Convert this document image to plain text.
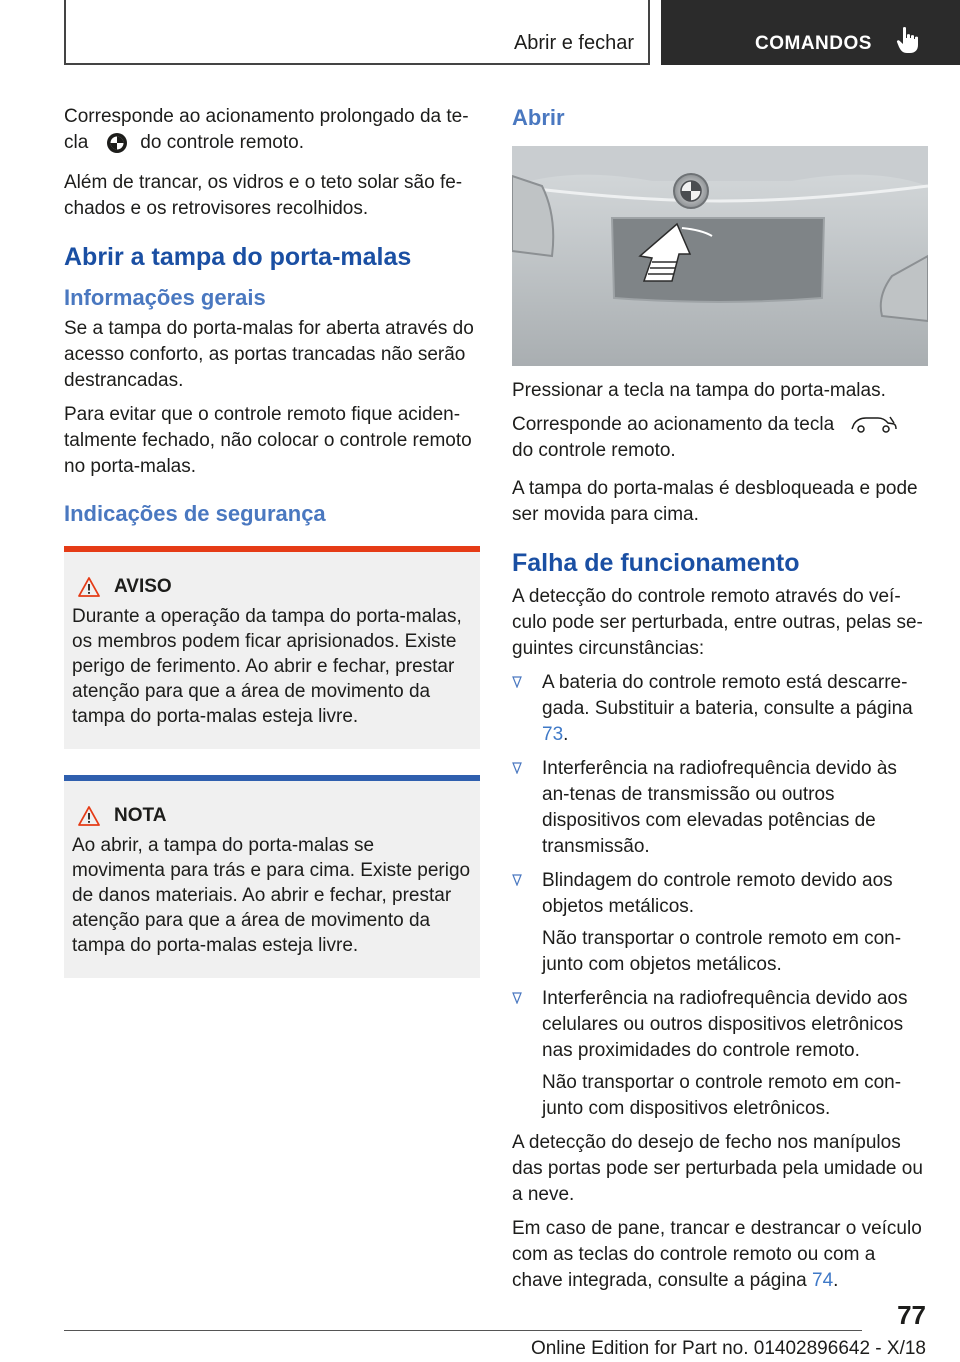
Abrir e fechar	COMANDOS

Corresponde ao acionamento prolongado da te-
cla	do controle remoto.

Além de trancar, os vidros e o teto solar são fe-chados e os retrovisores recolhidos.

Abrir a tampa do porta-malas
Informações gerais

Se a tampa do porta-malas for aberta através do acesso conforto, as portas trancadas não serão destrancadas.

Para evitar que o controle remoto fique aciden-talmente fechado, não colocar o controle remoto no porta-malas.

Indicações de segurança
AVISO
Durante a operação da tampa do porta-malas, os membros podem ficar aprisionados. Existe perigo de ferimento. Ao abrir e fechar, prestar atenção para que a área de movimento da tampa do porta-malas esteja livre.
NOTA
Ao abrir, a tampa do porta-malas se movimenta para trás e para cima. Existe perigo de danos materiais. Ao abrir e fechar, prestar atenção para que a área de movimento da tampa do porta-malas esteja livre.
Abrir

Pressionar a tecla na tampa do porta-malas.

Corresponde ao acionamento da teclado controle remoto.

A tampa do porta-malas é desbloqueada e pode ser movida para cima.

Falha de funcionamento

A detecção do controle remoto através do veí-culo pode ser perturbada, entre outras, pelas se-guintes circunstâncias:

A bateria do controle remoto está descarre-gada. Substituir a bateria, consulte a página
73.
Interferência na radiofrequência devido às an-tenas de transmissão ou outros dispositivos com elevadas potências de transmissão.
Blindagem do controle remoto devido aos objetos metálicos.
Não transportar o controle remoto em con-junto com objetos metálicos.
Interferência na radiofrequência devido aos celulares ou outros dispositivos eletrônicos nas proximidades do controle remoto.
Não transportar o controle remoto em con-junto com dispositivos eletrônicos.

A detecção do desejo de fecho nos manípulos das portas pode ser perturbada pela umidade ou a neve.

Em caso de pane, trancar e destrancar o veículo com as teclas do controle remoto ou com a chave integrada, consulte a página 74.

77
Online Edition for Part no. 01402896642 - X/18
